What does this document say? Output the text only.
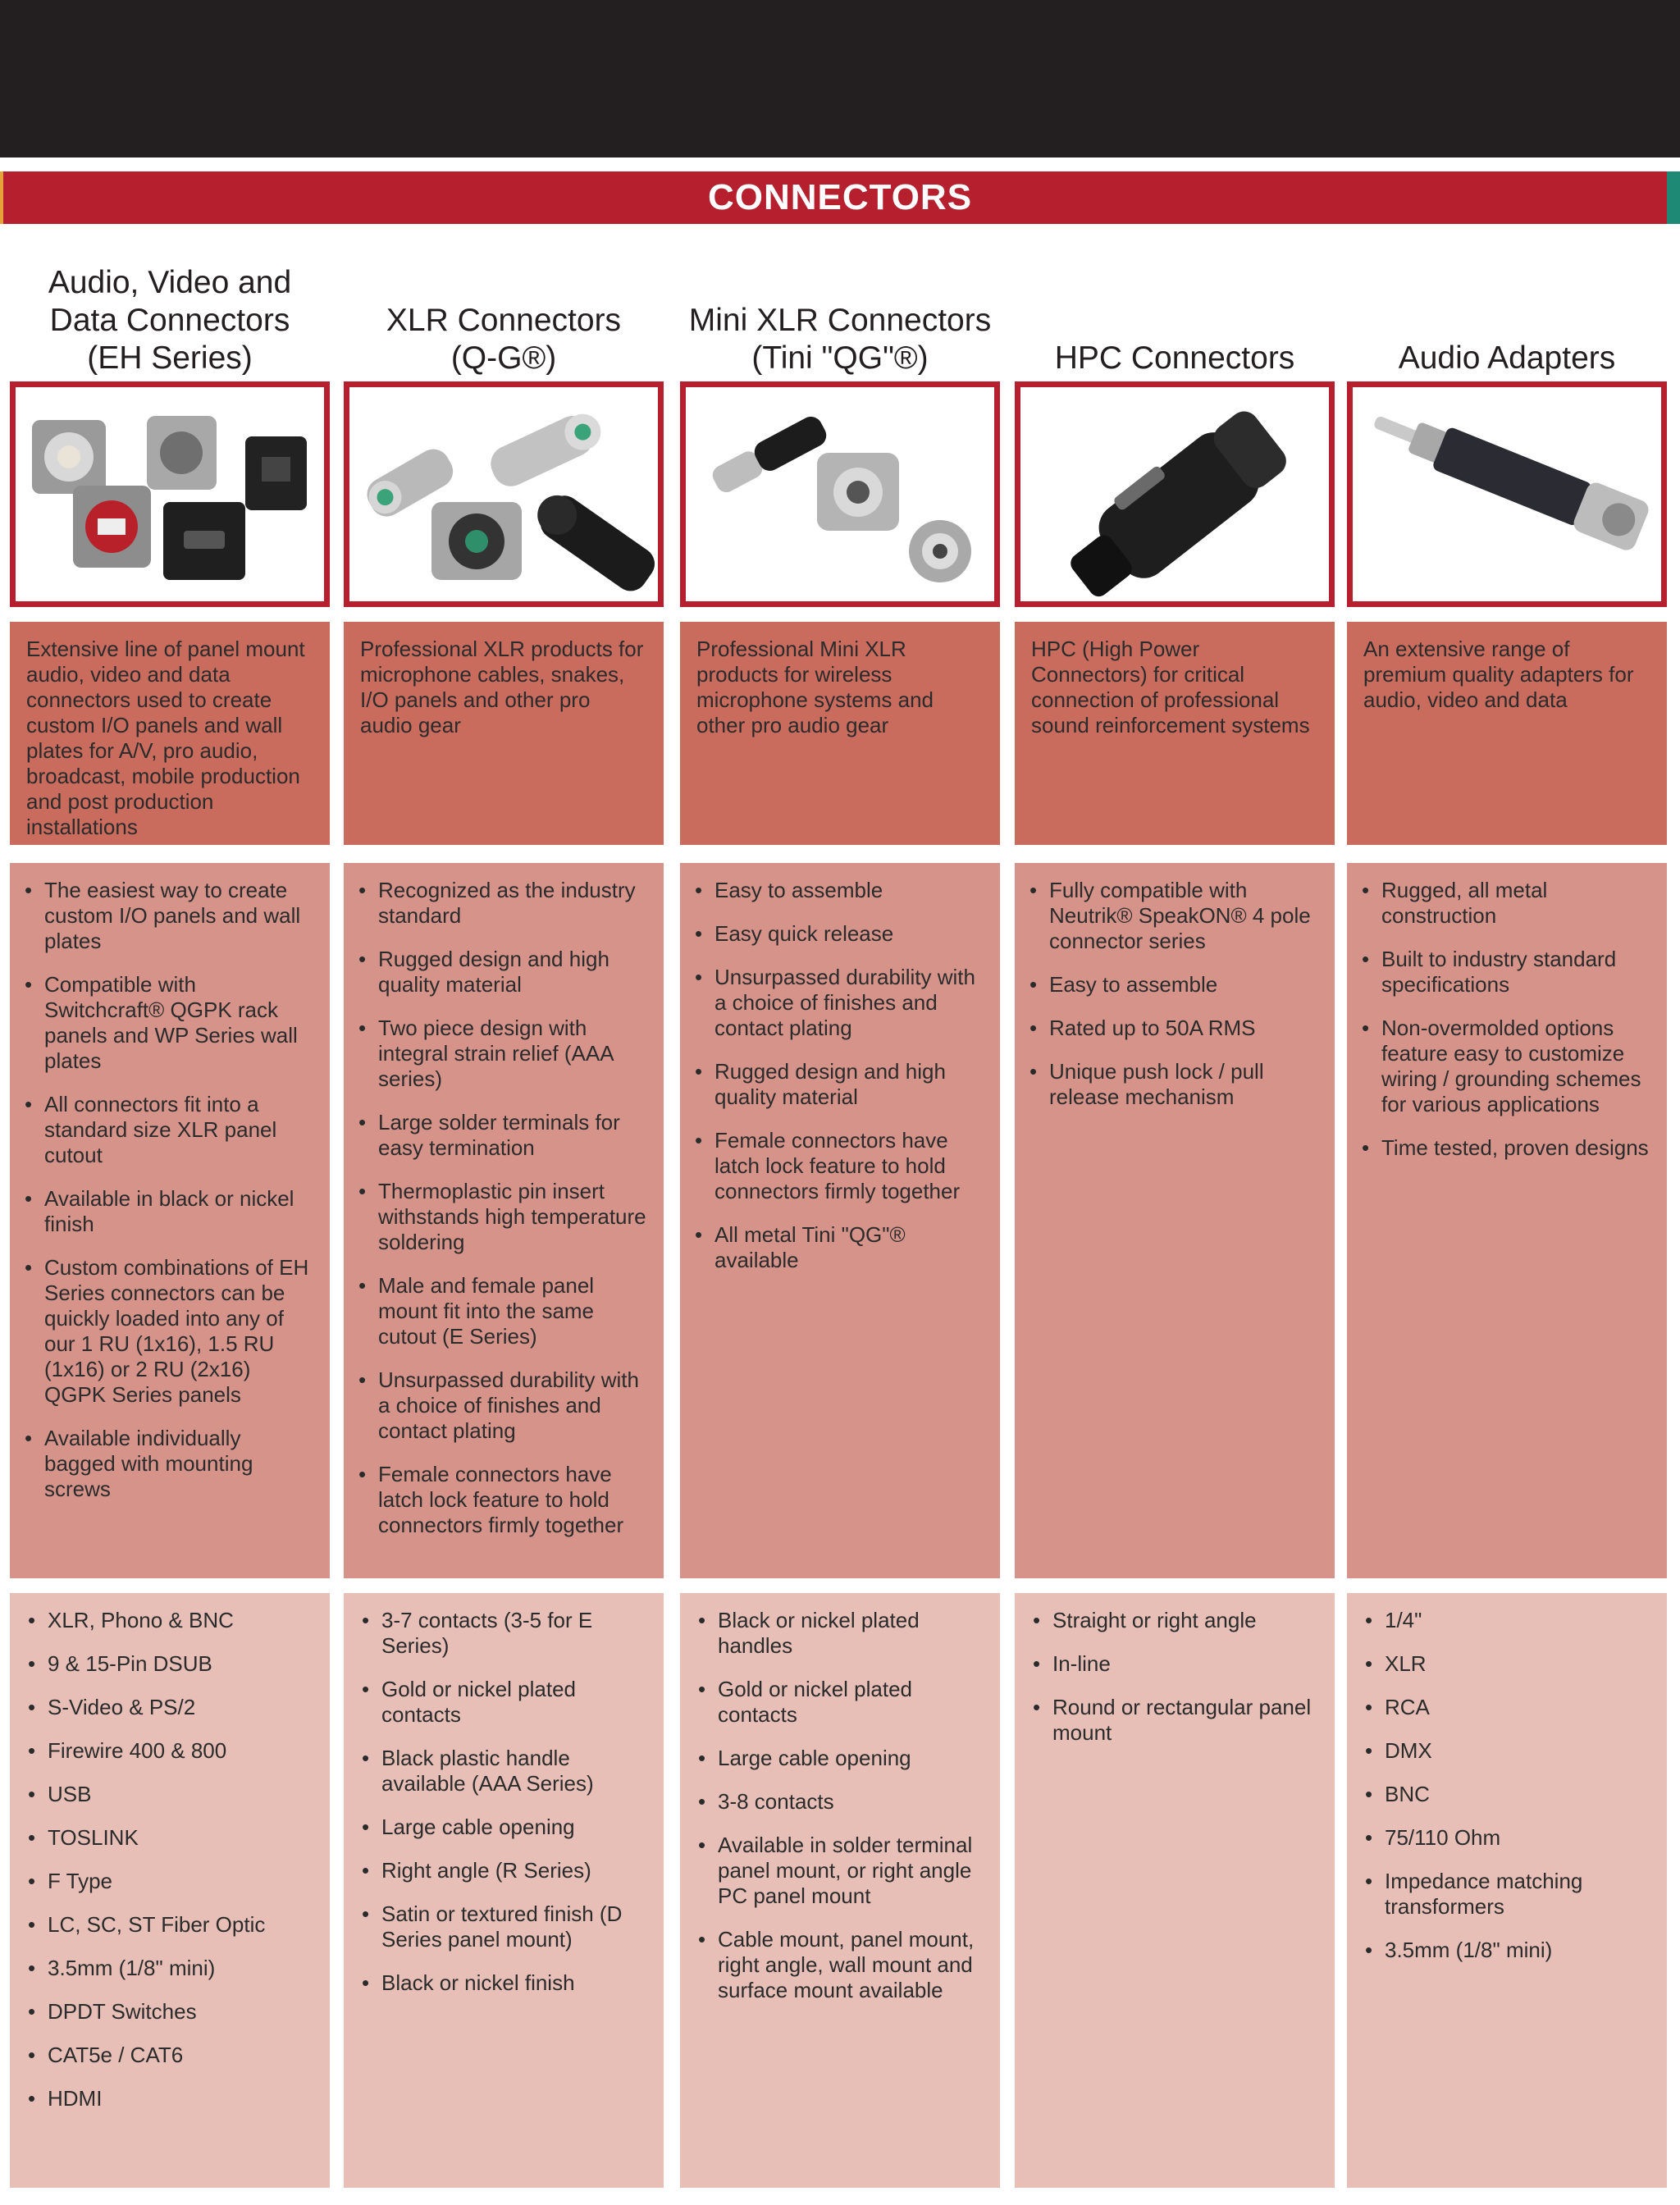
CONNECTORS
Audio, Video and
Data Connectors
(EH Series)
Extensive line of panel mount audio, video and data connectors used to create custom I/O panels and wall plates for A/V, pro audio, broadcast, mobile production and post production installations
• The easiest way to create custom I/O panels and wall plates
• Compatible with Switchcraft® QGPK rack panels and WP Series wall plates
• All connectors fit into a standard size XLR panel cutout
• Available in black or nickel finish
• Custom combinations of EH Series connectors can be quickly loaded into any of our 1 RU (1x16), 1.5 RU (1x16) or 2 RU (2x16) QGPK Series panels
• Available individually bagged with mounting screws
• XLR, Phono & BNC
• 9 & 15-Pin DSUB
• S-Video & PS/2
• Firewire 400 & 800
• USB
• TOSLINK
• F Type
• LC, SC, ST Fiber Optic
• 3.5mm (1/8" mini)
• DPDT Switches
• CAT5e / CAT6
• HDMI
XLR Connectors
(Q-G®)
Professional XLR products for microphone cables, snakes, I/O panels and other pro audio gear
• Recognized as the industry standard
• Rugged design and high quality material
• Two piece design with integral strain relief (AAA series)
• Large solder terminals for easy termination
• Thermoplastic pin insert withstands high temperature soldering
• Male and female panel mount fit into the same cutout (E Series)
• Unsurpassed durability with a choice of finishes and contact plating
• Female connectors have latch lock feature to hold connectors firmly together
• 3-7 contacts (3-5 for E Series)
• Gold or nickel plated contacts
• Black plastic handle available (AAA Series)
• Large cable opening
• Right angle (R Series)
• Satin or textured finish (D Series panel mount)
• Black or nickel finish
Mini XLR Connectors
(Tini "QG"®)
Professional Mini XLR products for wireless microphone systems and other pro audio gear
• Easy to assemble
• Easy quick release
• Unsurpassed durability with a choice of finishes and contact plating
• Rugged design and high quality material
• Female connectors have latch lock feature to hold connectors firmly together
• All metal Tini "QG"® available
• Black or nickel plated handles
• Gold or nickel plated contacts
• Large cable opening
• 3-8 contacts
• Available in solder terminal panel mount, or right angle PC panel mount
• Cable mount, panel mount, right angle, wall mount and surface mount available
HPC Connectors
HPC (High Power Connectors) for critical connection of professional sound reinforcement systems
• Fully compatible with Neutrik® SpeakON® 4 pole connector series
• Easy to assemble
• Rated up to 50A RMS
• Unique push lock / pull release mechanism
• Straight or right angle
• In-line
• Round or rectangular panel mount
Audio Adapters
An extensive range of premium quality adapters for audio, video and data
• Rugged, all metal construction
• Built to industry standard specifications
• Non-overmolded options feature easy to customize wiring / grounding schemes for various applications
• Time tested, proven designs
• 1/4"
• XLR
• RCA
• DMX
• BNC
• 75/110 Ohm
• Impedance matching transformers
• 3.5mm (1/8" mini)
